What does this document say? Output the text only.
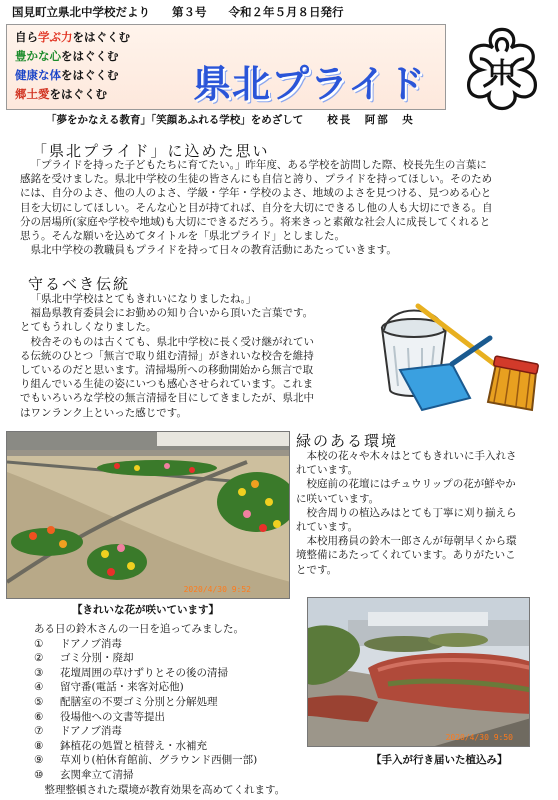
国見町立県北中学校だより 第３号 令和２年５月８日発行
自ら学ぶ力をはぐくむ
豊かな心をはぐくむ
健康な体をはぐくむ
郷土愛をはぐくむ	県北プライド 中
「夢をかなえる教育」「笑顔あふれる学校」をめざして 校長　阿部　央
「県北プライド」に込めた思い
「プライドを持った子どもたちに育てたい。」昨年度、ある学校を訪問した際、校長先生の言葉に
感銘を受けました。県北中学校の生徒の皆さんにも自信と誇り、プライドを持ってほしい。そのため
には、自分のよさ、他の人のよさ、学級・学年・学校のよさ、地域のよさを見つける、見つめる心と
目を大切にしてほしい。そんな心と目が持てれば、自分を大切にできるし他の人も大切にできる。自
分の居場所(家庭や学校や地域)も大切にできるだろう。将来きっと素敵な社会人に成長してくれると
思う。そんな願いを込めてタイトルを「県北プライド」としました。
県北中学校の教職員もプライドを持って日々の教育活動にあたっていきます。
守るべき伝統
「県北中学校はとてもきれいになりましたね。」
福島県教育委員会にお勤めの知り合いから頂いた言葉です。
とてもうれしくなりました。
校舎そのものは古くても、県北中学校に長く受け継がれてい
る伝統のひとつ「無言で取り組む清掃」がきれいな校舎を維持
しているのだと思います。清掃場所への移動開始から無言で取
り組んでいる生徒の姿にいつも感心させられています。これま
でもいろいろな学校の無言清掃を目にしてきましたが、県北中
はワンランク上といった感じです。
2020/4/30 9:52
【きれいな花が咲いています】
緑のある環境
本校の花々や木々はとてもきれいに手入れさ
れています。
校庭前の花壇にはチュウリップの花が鮮やか
に咲いています。
校舎周りの植込みはとても丁寧に刈り揃えら
れています。
本校用務員の鈴木一郎さんが毎朝早くから環
境整備にあたってくれています。ありがたいこ
とです。
2020/4/30 9:50
【手入が行き届いた植込み】
ある日の鈴木さんの一日を追ってみました。
① ドアノブ消毒
② ゴミ分別・廃却
③ 花壇周囲の草けずりとその後の清掃
④ 留守番(電話・来客対応他)
⑤ 配膳室の不要ゴミ分別と分解処理
⑥ 役場他への文書等提出
⑦ ドアノブ消毒
⑧ 鉢植花の処置と植替え・水補充
⑨ 草刈り(柏休育館前、グラウンド西側一部)
⑩ 玄関傘立て清掃
整理整頓された環境が教育効果を高めてくれます。
